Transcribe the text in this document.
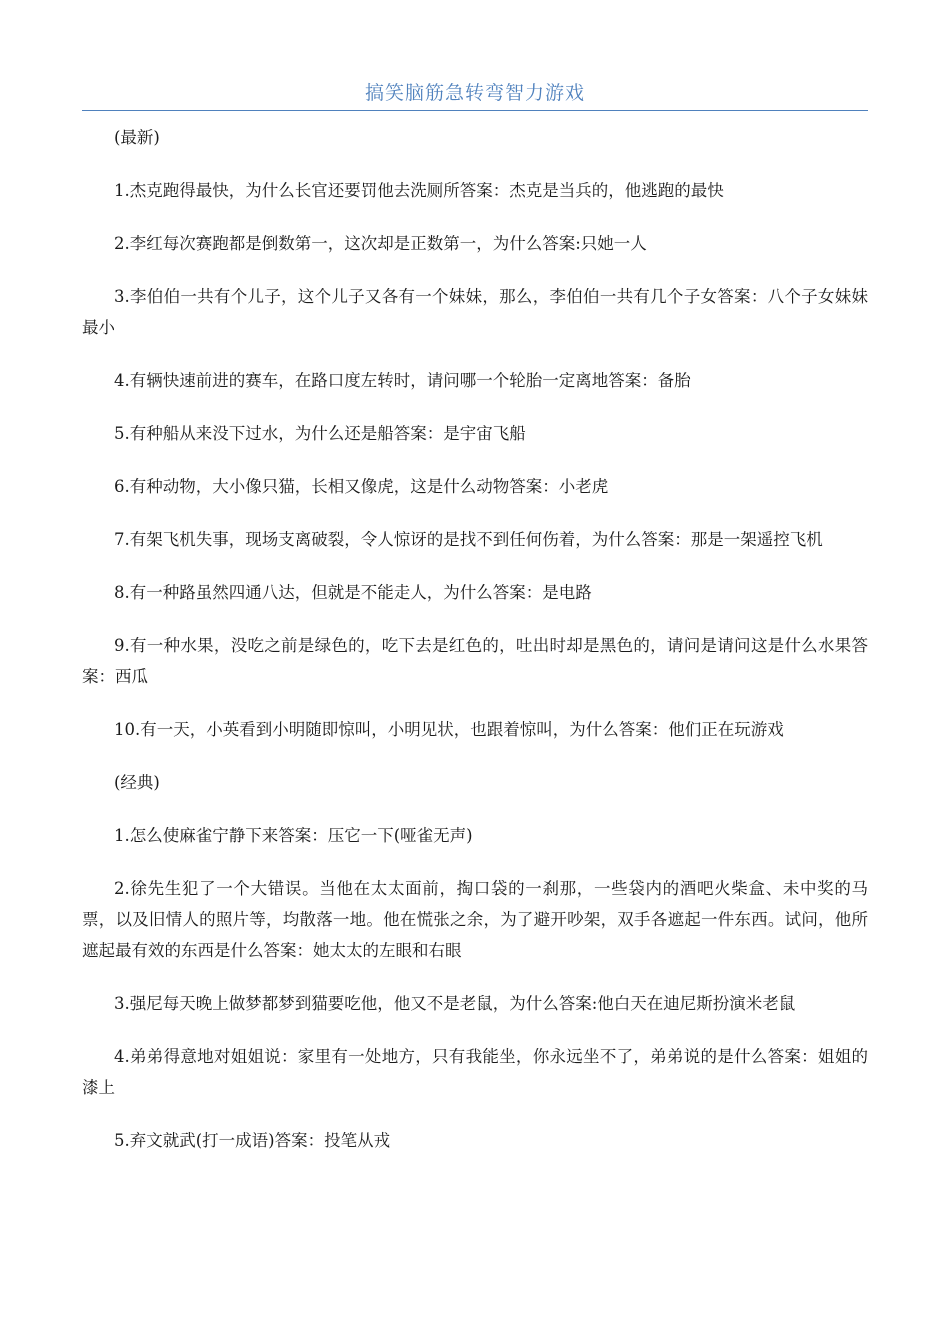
搞笑脑筋急转弯智力游戏

(最新)

1.杰克跑得最快，为什么长官还要罚他去洗厕所答案：杰克是当兵的，他逃跑的最快

2.李红每次赛跑都是倒数第一，这次却是正数第一，为什么答案:只她一人

3.李伯伯一共有个儿子，这个儿子又各有一个妹妹，那么，李伯伯一共有几个子女答案：八个子女妹妹最小

4.有辆快速前进的赛车，在路口度左转时，请问哪一个轮胎一定离地答案：备胎

5.有种船从来没下过水，为什么还是船答案：是宇宙飞船

6.有种动物，大小像只猫，长相又像虎，这是什么动物答案：小老虎

7.有架飞机失事，现场支离破裂，令人惊讶的是找不到任何伤着，为什么答案：那是一架遥控飞机

8.有一种路虽然四通八达，但就是不能走人，为什么答案：是电路

9.有一种水果，没吃之前是绿色的，吃下去是红色的，吐出时却是黑色的，请问是请问这是什么水果答案：西瓜

10.有一天，小英看到小明随即惊叫，小明见状，也跟着惊叫，为什么答案：他们正在玩游戏

(经典)

1.怎么使麻雀宁静下来答案：压它一下(哑雀无声)

2.徐先生犯了一个大错误。当他在太太面前，掏口袋的一刹那，一些袋内的酒吧火柴盒、未中奖的马票，以及旧情人的照片等，均散落一地。他在慌张之余，为了避开吵架，双手各遮起一件东西。试问，他所遮起最有效的东西是什么答案：她太太的左眼和右眼

3.强尼每天晚上做梦都梦到猫要吃他，他又不是老鼠，为什么答案:他白天在迪尼斯扮演米老鼠

4.弟弟得意地对姐姐说：家里有一处地方，只有我能坐，你永远坐不了，弟弟说的是什么答案：姐姐的漆上

5.弃文就武(打一成语)答案：投笔从戎
